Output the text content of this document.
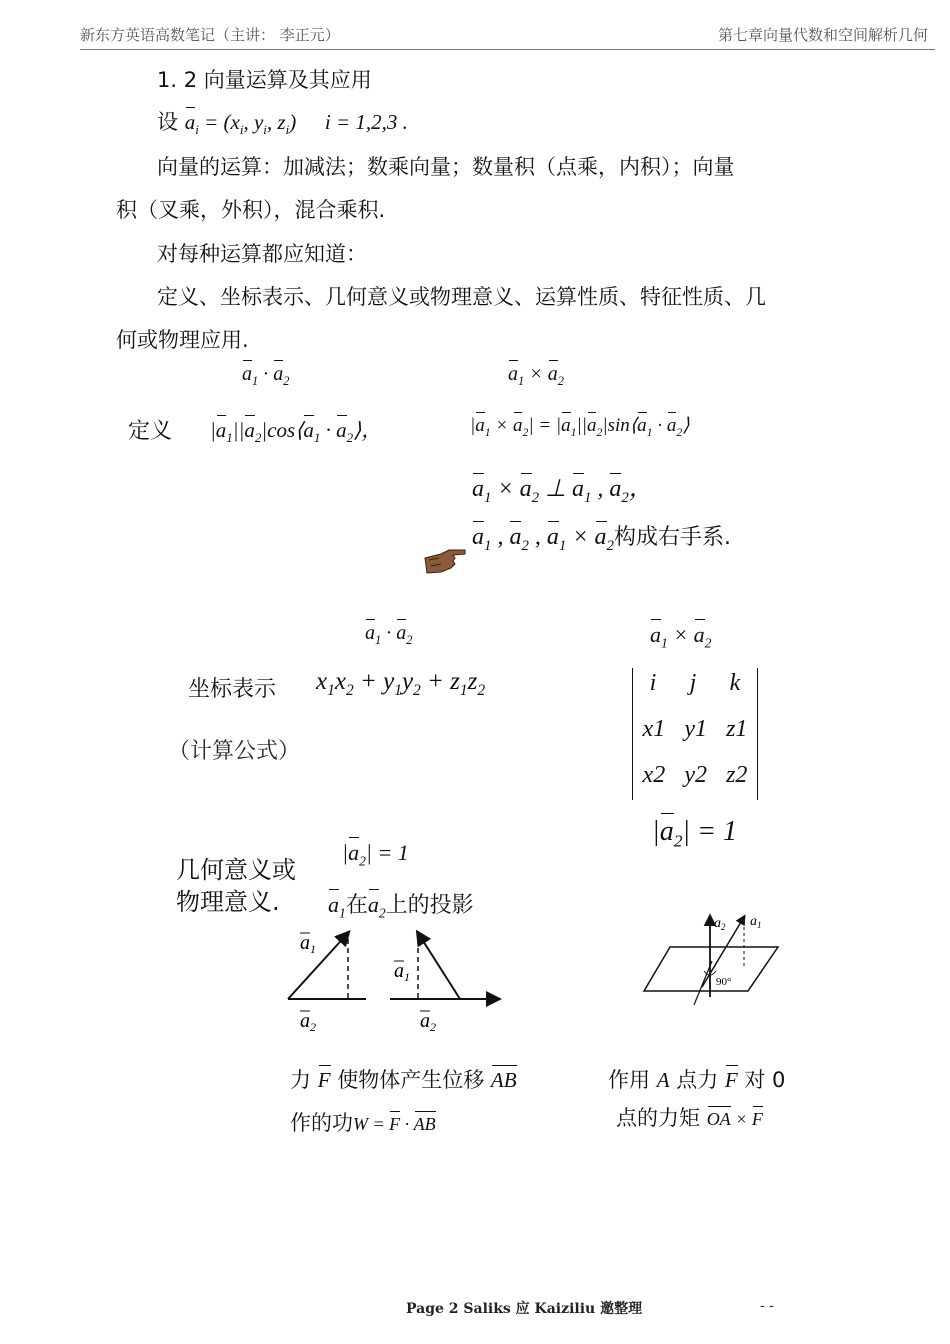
新东方英语高数笔记（主讲： 李正元）	第七章向量代数和空间解析几何
1. 2 向量运算及其应用
设 $a_i = (x_i$, $y_i$, $z_i$) i = 1,2,3 .
向量的运算：加减法；数乘向量；数量积（点乘，内积）；向量
积（叉乘，外积），混合乘积.
对每种运算都应知道：
定义、坐标表示、几何意义或物理意义、运算性质、特征性质、几
何或物理应用.
$a_1 \cdot a_2$	$a_1 \times a_2$
定义 $|a_1||a_2|\cos⟨a_1$ · $a_2⟩$，	$|a_1 \times a_2|$ = $|a_1||a_2|\sin⟨a_1$ · $a_2⟩$
$a_1 \times a_2$ ⊥ $a_1$ , $a_2$，
$a_1$ , $a_2$ , $a_1 \times a_2$构成右手系.
$a_1 \cdot a_2$	$a_1 \times a_2$
坐标表示 $x_1x_2 + y_1y_2 + z_1z_2$
（计算公式）
i j k
x1 y1 z1
x2 y2 z2
$|a_2| = 1$
$|a_2| = 1$
几何意义或
物理意义. $a_1$在$a_2$上的投影
$a_1$
$a_2$
$a_1$
$a_2$
$a_2$ $a_1$
90°
力 F 使物体产生位移 AB
作的功W = F · AB
作用 A 点力 F 对 0
点的力矩 OA × F
Page 2 Saliks 应 Kaiziliu 邀整理	- -
